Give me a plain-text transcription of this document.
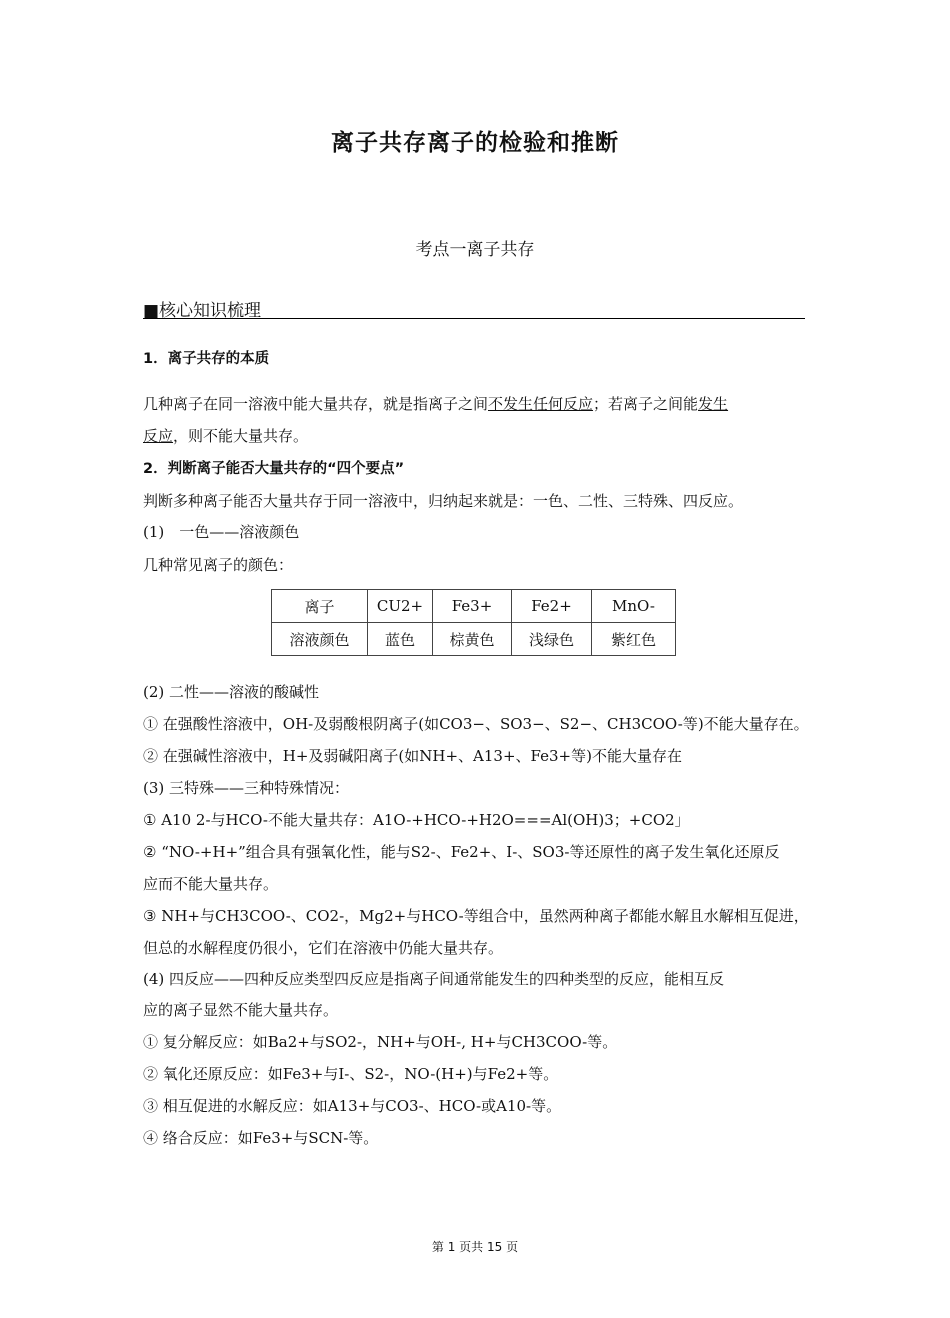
离子共存离子的检验和推断
考点一离子共存
■核心知识梳理
1．离子共存的本质
几种离子在同一溶液中能大量共存，就是指离子之间不发生任何反应；若离子之间能发生
反应，则不能大量共存。
2．判断离子能否大量共存的“四个要点”
判断多种离子能否大量共存于同一溶液中，归纳起来就是：一色、二性、三特殊、四反应。
(1)　一色——溶液颜色
几种常见离子的颜色：
离子	CU2+	Fe3+	Fe2+	MnO-
溶液颜色	蓝色	棕黄色	浅绿色	紫红色
(2) 二性——溶液的酸碱性
① 在强酸性溶液中，OH-及弱酸根阴离子(如CO3−、SO3−、S2−、CH3COO-等)不能大量存在。
② 在强碱性溶液中，H+及弱碱阳离子(如NH+、A13+、Fe3+等)不能大量存在
(3) 三特殊——三种特殊情况：
① A10 2-与HCO-不能大量共存：A1O-+HCO-+H2O===Al(OH)3；+CO2」
② “NO-+H+”组合具有强氧化性，能与S2-、Fe2+、I-、SO3-等还原性的离子发生氧化还原反
应而不能大量共存。
③ NH+与CH3COO-、CO2-，Mg2+与HCO-等组合中，虽然两种离子都能水解且水解相互促进，
但总的水解程度仍很小，它们在溶液中仍能大量共存。
(4) 四反应——四种反应类型四反应是指离子间通常能发生的四种类型的反应，能相互反
应的离子显然不能大量共存。
① 复分解反应：如Ba2+与SO2-，NH+与OH-, H+与CH3COO-等。
② 氧化还原反应：如Fe3+与I-、S2-，NO-(H+)与Fe2+等。
③ 相互促进的水解反应：如A13+与CO3-、HCO-或A10-等。
④ 络合反应：如Fe3+与SCN-等。
第 1 页共 15 页
